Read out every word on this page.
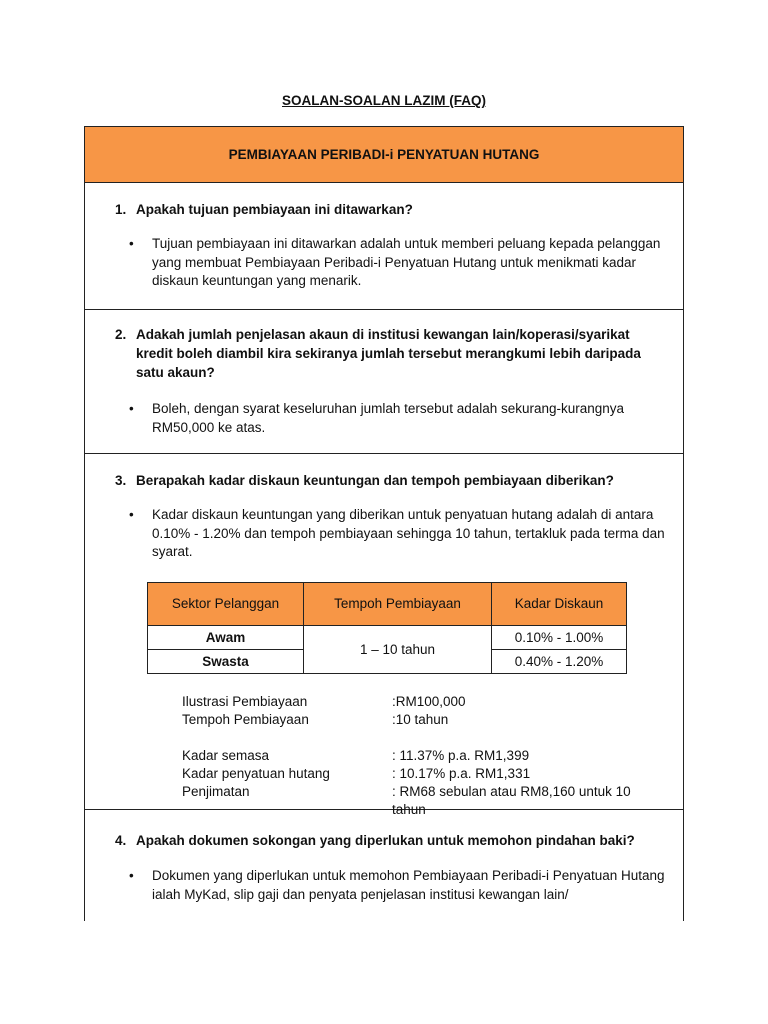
SOALAN-SOALAN LAZIM (FAQ)
PEMBIAYAAN PERIBADI-i PENYATUAN HUTANG
1. Apakah tujuan pembiayaan ini ditawarkan?
•	Tujuan pembiayaan ini ditawarkan adalah untuk memberi peluang kepada pelanggan yang membuat Pembiayaan Peribadi-i Penyatuan Hutang untuk menikmati kadar diskaun keuntungan yang menarik.
2. Adakah jumlah penjelasan akaun di institusi kewangan lain/koperasi/syarikat kredit boleh diambil kira sekiranya jumlah tersebut merangkumi lebih daripada satu akaun?
•	Boleh, dengan syarat keseluruhan jumlah tersebut adalah sekurang-kurangnya RM50,000 ke atas.
3. Berapakah kadar diskaun keuntungan dan tempoh pembiayaan diberikan?
•	Kadar diskaun keuntungan yang diberikan untuk penyatuan hutang adalah di antara 0.10% - 1.20% dan tempoh pembiayaan sehingga 10 tahun, tertakluk pada terma dan syarat.
Sektor Pelanggan	Tempoh Pembiayaan	Kadar Diskaun
Awam	1 – 10 tahun	0.10% - 1.00%
Swasta		0.40% - 1.20%
Ilustrasi Pembiayaan	:RM100,000
Tempoh Pembiayaan	:10 tahun
Kadar semasa	: 11.37% p.a. RM1,399
Kadar penyatuan hutang	: 10.17% p.a. RM1,331
Penjimatan	: RM68 sebulan atau RM8,160 untuk 10 tahun
4. Apakah dokumen sokongan yang diperlukan untuk memohon pindahan baki?
•	Dokumen yang diperlukan untuk memohon Pembiayaan Peribadi-i Penyatuan Hutang ialah MyKad, slip gaji dan penyata penjelasan institusi kewangan lain/
